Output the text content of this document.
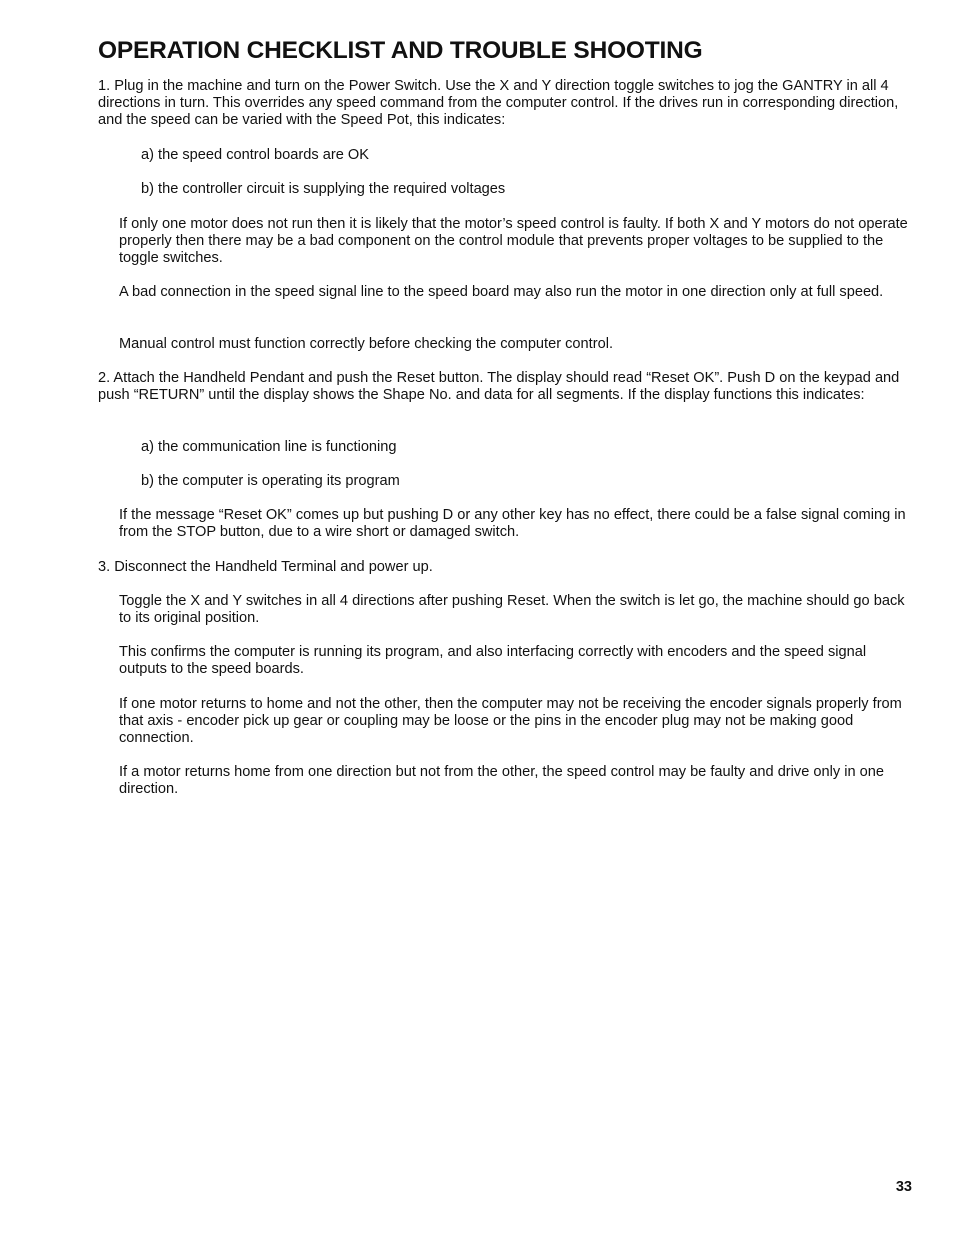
OPERATION CHECKLIST AND TROUBLE SHOOTING

1. Plug in the machine and turn on the Power Switch. Use the X and Y direction toggle switches to jog the GANTRY in all 4 directions in turn. This overrides any speed command from the computer control. If the drives run in corresponding direction, and the speed can be varied with the Speed Pot, this indicates:

a) the speed control boards are OK

b) the controller circuit is supplying the required voltages

If only one motor does not run then it is likely that the motor’s speed control is faulty. If both X and Y motors do not operate properly then there may be a bad component on the control module that prevents proper voltages to be supplied to the toggle switches.

A bad connection in the speed signal line to the speed board may also run the motor in one direction only at full speed.

Manual control must function correctly before checking the computer control.

2. Attach the Handheld Pendant and push the Reset button. The display should read “Reset OK”. Push D on the keypad and push “RETURN” until the display shows the Shape No. and data for all segments. If the display functions this indicates:

a) the communication line is functioning

b) the computer is operating its program

If the message “Reset OK” comes up but pushing D or any other key has no effect, there could be a false signal coming in from the STOP button, due to a wire short or damaged switch.

3. Disconnect the Handheld Terminal and power up.

Toggle the X and Y switches in all 4 directions after pushing Reset. When the switch is let go, the machine should go back to its original position.

This confirms the computer is running its program, and also interfacing correctly with encoders and the speed signal outputs to the speed boards.

If one motor returns to home and not the other, then the computer may not be receiving the encoder signals properly from that axis - encoder pick up gear or coupling may be loose or the pins in the encoder plug may not be making good connection.

If a motor returns home from one direction but not from the other, the speed control may be faulty and drive only in one direction.

33
